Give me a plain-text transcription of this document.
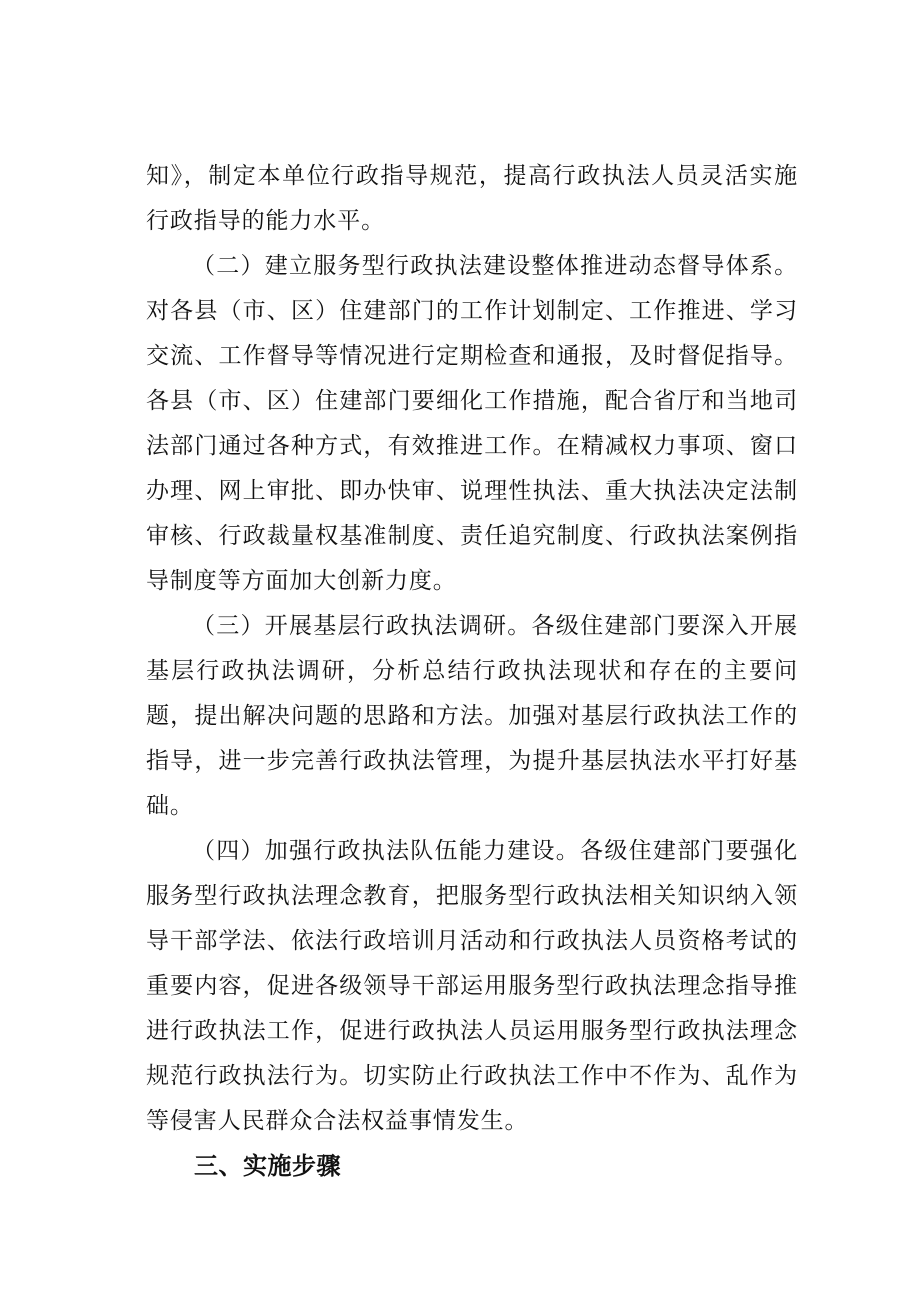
知》，制定本单位行政指导规范，提高行政执法人员灵活实施行政指导的能力水平。

（二）建立服务型行政执法建设整体推进动态督导体系。对各县（市、区）住建部门的工作计划制定、工作推进、学习交流、工作督导等情况进行定期检查和通报，及时督促指导。各县（市、区）住建部门要细化工作措施，配合省厅和当地司法部门通过各种方式，有效推进工作。在精减权力事项、窗口办理、网上审批、即办快审、说理性执法、重大执法决定法制审核、行政裁量权基准制度、责任追究制度、行政执法案例指导制度等方面加大创新力度。

（三）开展基层行政执法调研。各级住建部门要深入开展基层行政执法调研，分析总结行政执法现状和存在的主要问题，提出解决问题的思路和方法。加强对基层行政执法工作的指导，进一步完善行政执法管理，为提升基层执法水平打好基础。

（四）加强行政执法队伍能力建设。各级住建部门要强化服务型行政执法理念教育，把服务型行政执法相关知识纳入领导干部学法、依法行政培训月活动和行政执法人员资格考试的重要内容，促进各级领导干部运用服务型行政执法理念指导推进行政执法工作，促进行政执法人员运用服务型行政执法理念规范行政执法行为。切实防止行政执法工作中不作为、乱作为等侵害人民群众合法权益事情发生。

三、实施步骤
